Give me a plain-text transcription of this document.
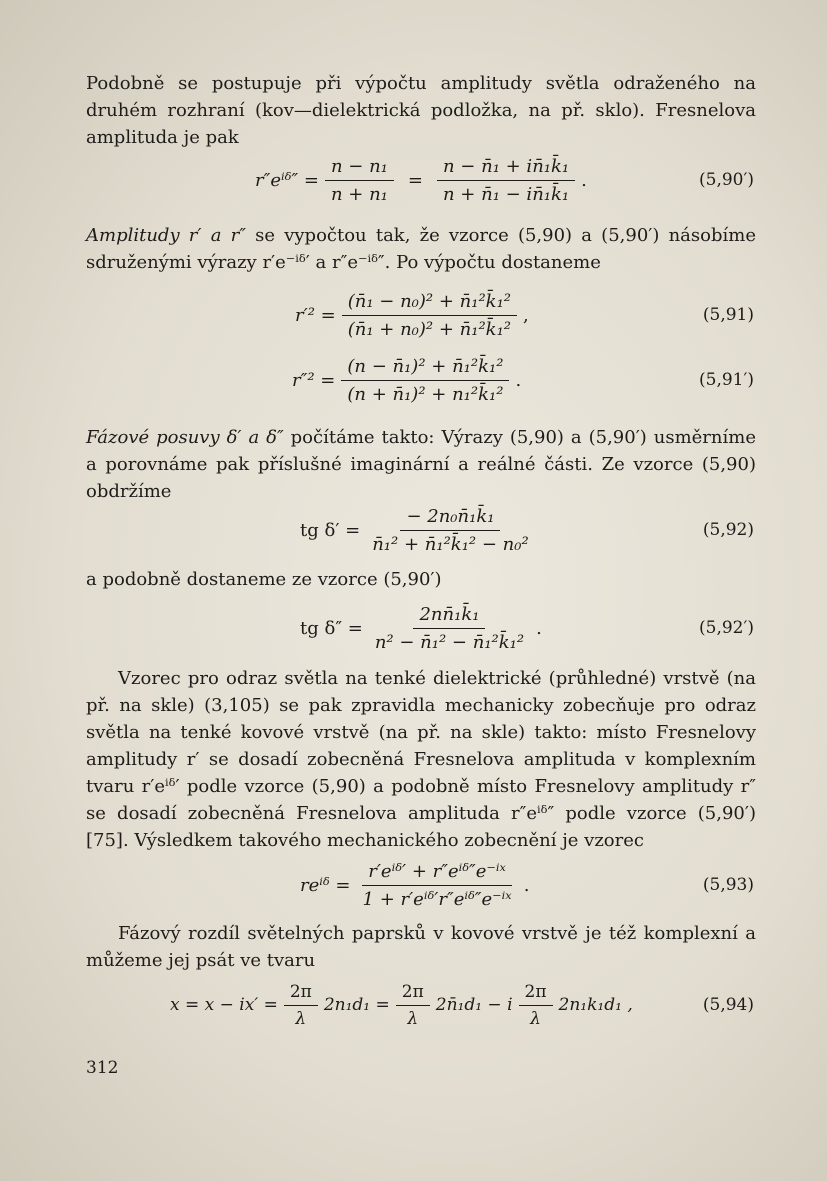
Podobně se postupuje při výpočtu amplitudy světla odraženého na druhém rozhraní (kov—dielektrická podložka, na př. sklo). Fresnelova amplituda je pak

r″eⁱᵟ″ = $\frac{\text{n − n₁}}{\text{n + n₁}} = \frac{\text{n − n̄₁ + in̄₁k̄₁}}{\text{n + n̄₁ − in̄₁k̄₁}}$ .	(5,90′)

Amplitudy r′ a r″ se vypočtou tak, že vzorce (5,90) a (5,90′) násobíme sdruženými výrazy r′e⁻ⁱᵟ′ a r″e⁻ⁱᵟ″. Po výpočtu dostaneme

$r'^2 = \frac{\text{(n̄₁ − n₀)² + n̄₁²k̄₁²}}{\text{(n̄₁ + n₀)² + n̄₁²k̄₁²}}$ ,	(5,91)
$r''^2 = \frac{\text{(n − n̄₁)² + n̄₁²k̄₁²}}{\text{(n + n̄₁)² + n₁²k̄₁²}}$ .	(5,91′)

Fázové posuvy δ′ a δ″ počítáme takto: Výrazy (5,90) a (5,90′) usměrníme a porovnáme pak příslušné imaginární a reálné části. Ze vzorce (5,90) obdržíme

tg $\delta' = \frac{\text{− 2n₀n̄₁k̄₁}}{\text{n̄₁² + n̄₁²k̄₁² − n₀²}}$	(5,92)

a podobně dostaneme ze vzorce (5,90′)

tg $\delta'' = \frac{\text{2nn̄₁k̄₁}}{\text{n² − n̄₁² − n̄₁²k̄₁²}}$ .	(5,92′)

Vzorec pro odraz světla na tenké dielektrické (průhledné) vrstvě (na př. na skle) (3,105) se pak zpravidla mechanicky zobecňuje pro odraz světla na tenké kovové vrstvě (na př. na skle) takto: místo Fresnelovy amplitudy r′ se dosadí zobecněná Fresnelova amplituda v komplexním tvaru r′eⁱᵟ′ podle vzorce (5,90) a podobně místo Fresnelovy amplitudy r″ se dosadí zobecněná Fresnelova amplituda r″eⁱᵟ″ podle vzorce (5,90′) [75]. Výsledkem takového mechanického zobecnění je vzorec

reⁱᵟ = $\frac{\text{r′eⁱᵟ′ + r″eⁱᵟ″e⁻ⁱˣ}}{\text{1 + r′eⁱᵟ′r″eⁱᵟ″e⁻ⁱˣ}}$ .	(5,93)

Fázový rozdíl světelných paprsků v kovové vrstvě je též komplexní a můžeme jej psát ve tvaru

$x = x - ix' = \frac{2\pi}{\lambda} 2n_1d_1 = \frac{2\pi}{\lambda}$ 2n̄₁d₁ − i $\frac{2\pi}{\lambda} 2n_1k_1d_1$ ,	(5,94)
312
